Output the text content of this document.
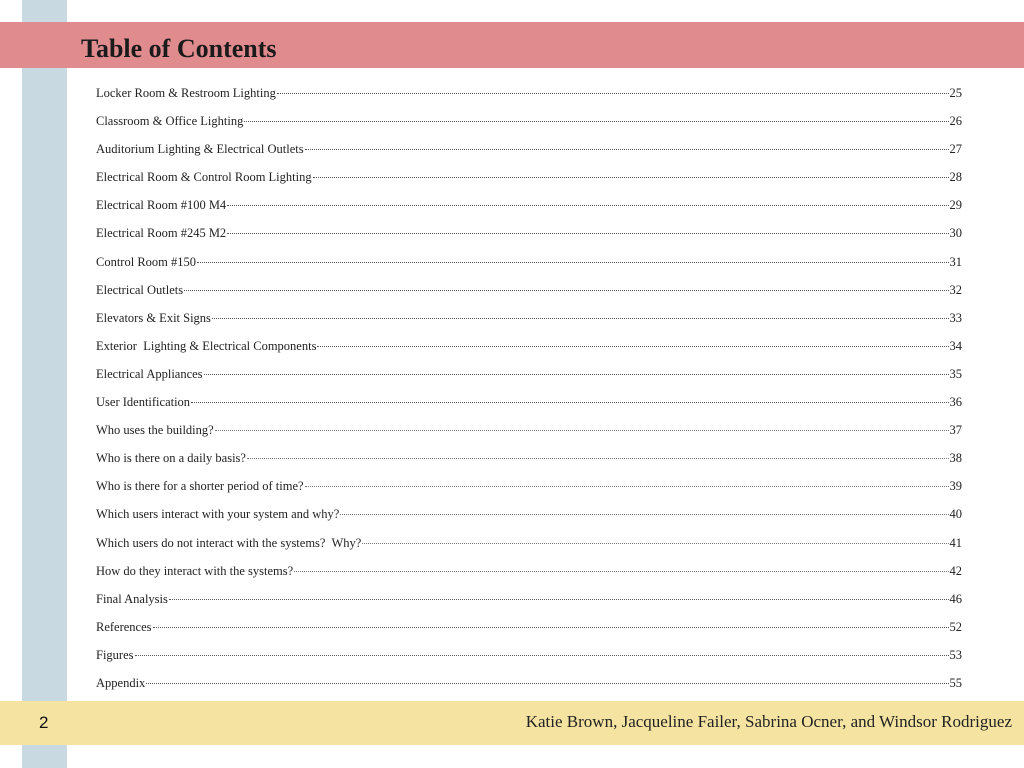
Table of Contents
Locker Room & Restroom Lighting	25
Classroom & Office Lighting	26
Auditorium Lighting & Electrical Outlets	27
Electrical Room & Control Room Lighting	28
Electrical Room #100 M4	29
Electrical Room #245 M2	30
Control Room #150	31
Electrical Outlets	32
Elevators & Exit Signs	33
Exterior  Lighting & Electrical Components	34
Electrical Appliances	35
User Identification	36
Who uses the building?	37
Who is there on a daily basis?	38
Who is there for a shorter period of time?	39
Which users interact with your system and why?	40
Which users do not interact with the systems?  Why?	41
How do they interact with the systems?	42
Final Analysis	46
References	52
Figures	53
Appendix	55
2	Katie Brown, Jacqueline Failer, Sabrina Ocner, and Windsor Rodriguez
